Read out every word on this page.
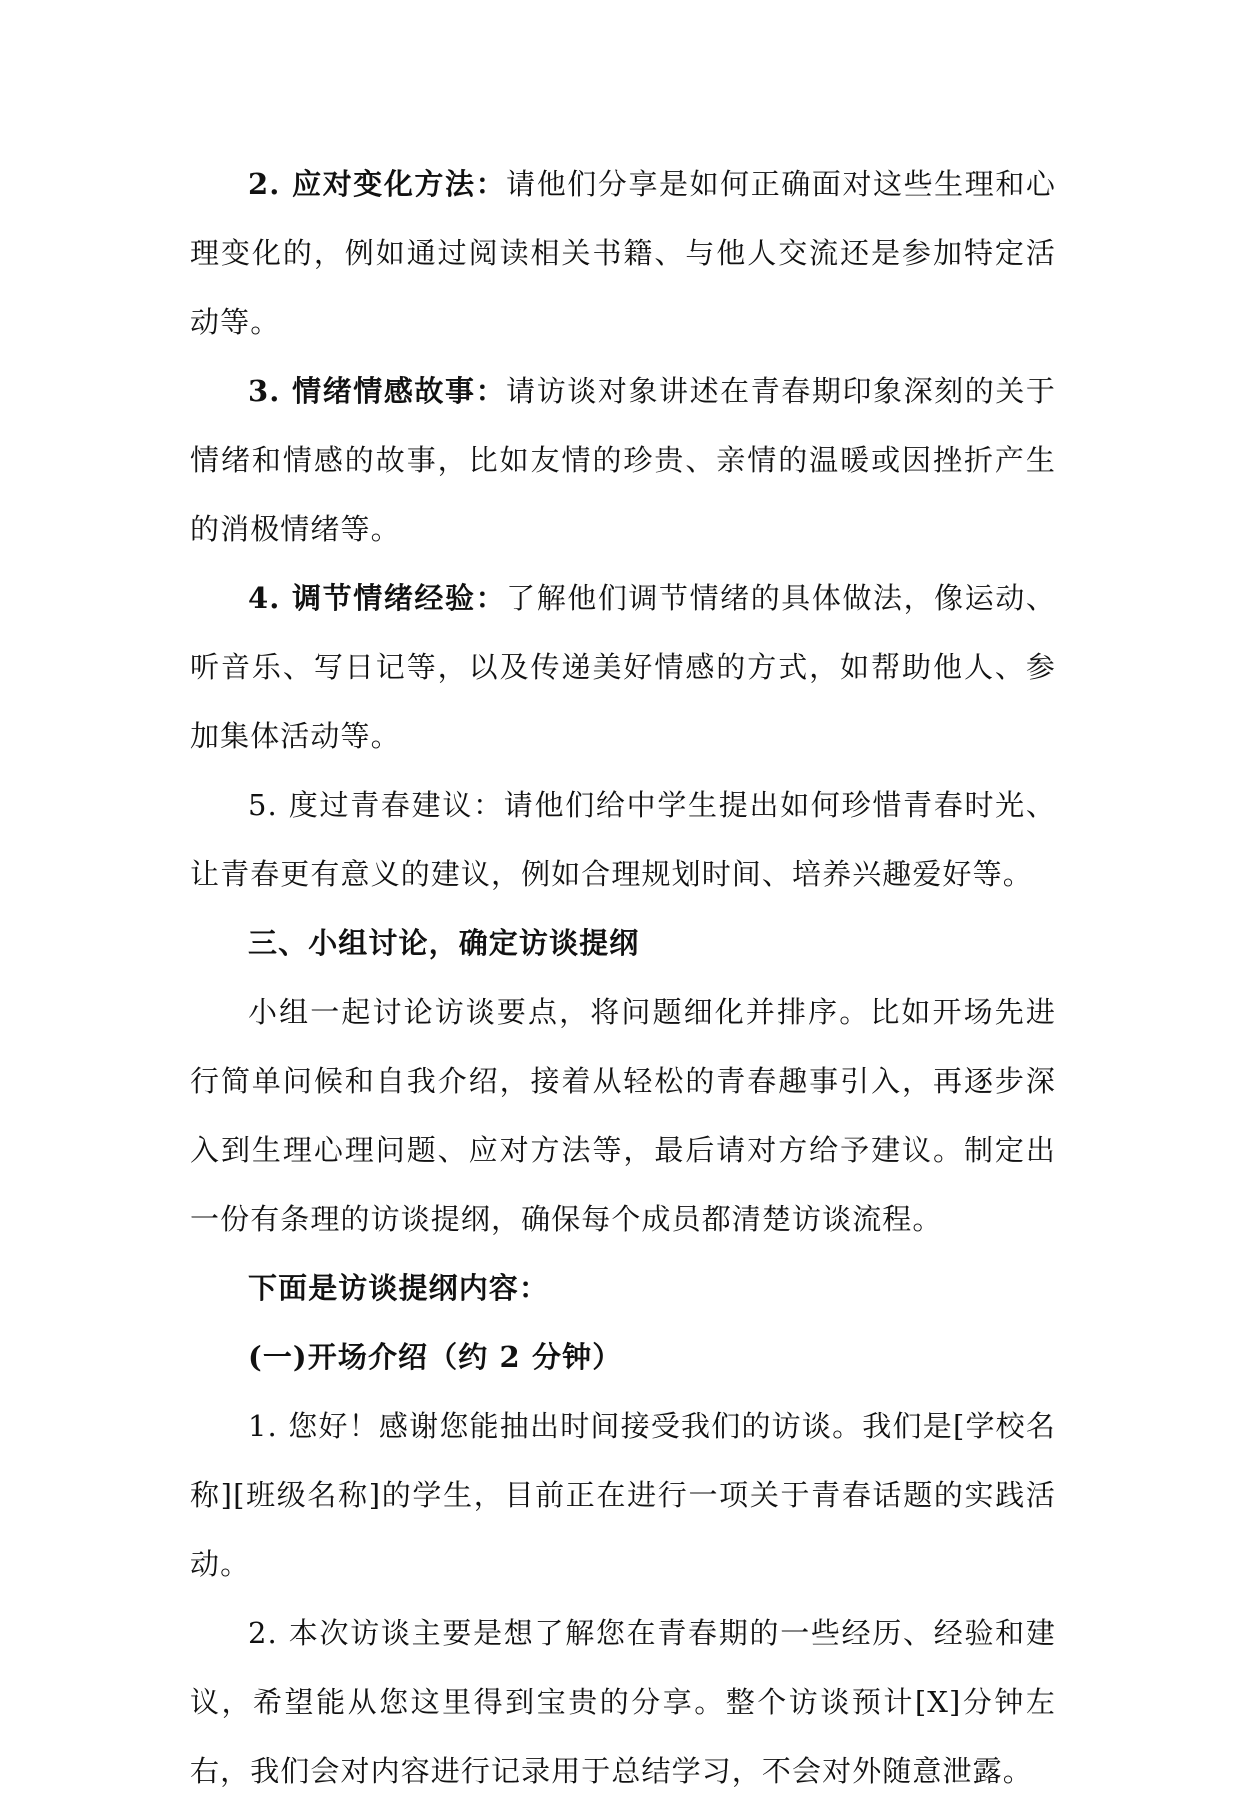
2. 应对变化方法：请他们分享是如何正确面对这些生理和心理变化的，例如通过阅读相关书籍、与他人交流还是参加特定活动等。

3. 情绪情感故事：请访谈对象讲述在青春期印象深刻的关于情绪和情感的故事，比如友情的珍贵、亲情的温暖或因挫折产生的消极情绪等。

4. 调节情绪经验：了解他们调节情绪的具体做法，像运动、听音乐、写日记等，以及传递美好情感的方式，如帮助他人、参加集体活动等。

5. 度过青春建议：请他们给中学生提出如何珍惜青春时光、让青春更有意义的建议，例如合理规划时间、培养兴趣爱好等。

三、小组讨论，确定访谈提纲

小组一起讨论访谈要点，将问题细化并排序。比如开场先进行简单问候和自我介绍，接着从轻松的青春趣事引入，再逐步深入到生理心理问题、应对方法等，最后请对方给予建议。制定出一份有条理的访谈提纲，确保每个成员都清楚访谈流程。

下面是访谈提纲内容：

(一)开场介绍（约 2 分钟）

1. 您好！感谢您能抽出时间接受我们的访谈。我们是[学校名称][班级名称]的学生，目前正在进行一项关于青春话题的实践活动。

2. 本次访谈主要是想了解您在青春期的一些经历、经验和建议，希望能从您这里得到宝贵的分享。整个访谈预计[X]分钟左右，我们会对内容进行记录用于总结学习，不会对外随意泄露。
